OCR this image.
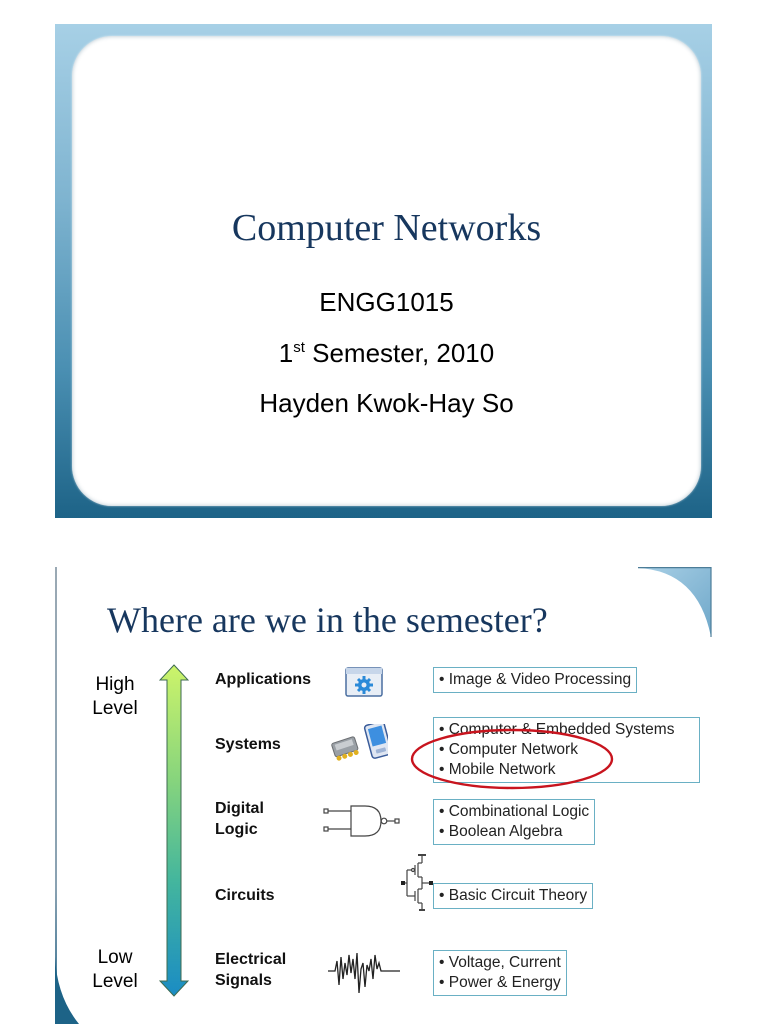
Computer Networks
ENGG1015
1st Semester, 2010
Hayden Kwok-Hay So
Where are we in the semester?
High
Level
Low
Level
Applications
Systems
Digital
Logic
Circuits
Electrical
Signals
• Image & Video Processing
• Computer & Embedded Systems
• Computer Network
• Mobile Network
• Combinational Logic
• Boolean Algebra
• Basic Circuit Theory
• Voltage, Current
• Power & Energy
